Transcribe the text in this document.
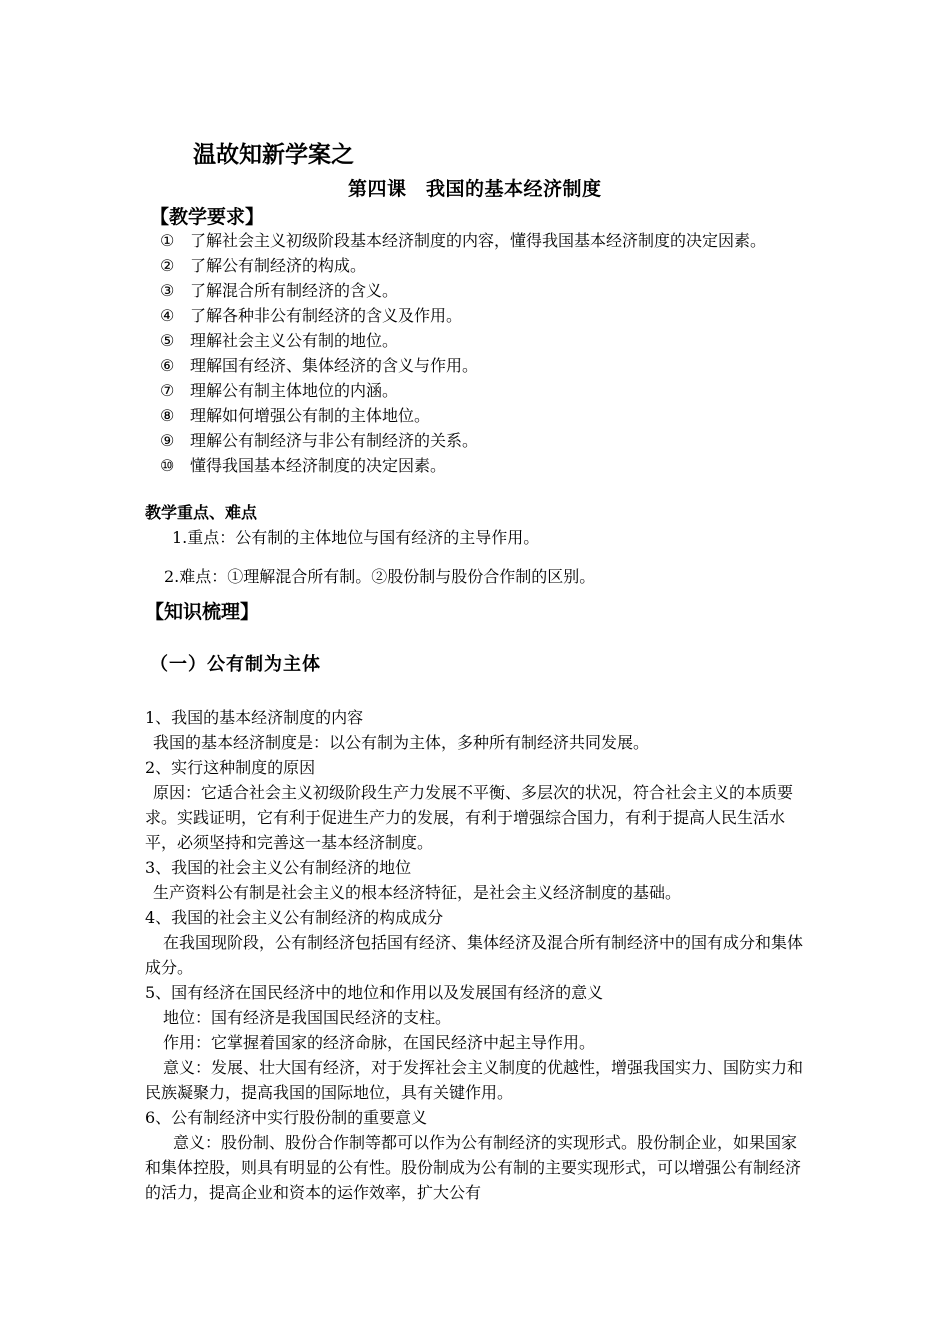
温故知新学案之
第四课　我国的基本经济制度
【教学要求】
① 了解社会主义初级阶段基本经济制度的内容，懂得我国基本经济制度的决定因素。
② 了解公有制经济的构成。
③ 了解混合所有制经济的含义。
④ 了解各种非公有制经济的含义及作用。
⑤ 理解社会主义公有制的地位。
⑥ 理解国有经济、集体经济的含义与作用。
⑦ 理解公有制主体地位的内涵。
⑧ 理解如何增强公有制的主体地位。
⑨ 理解公有制经济与非公有制经济的关系。
⑩ 懂得我国基本经济制度的决定因素。
教学重点、难点
1.重点：公有制的主体地位与国有经济的主导作用。
2.难点：①理解混合所有制。②股份制与股份合作制的区别。
【知识梳理】
（一）公有制为主体

1、我国的基本经济制度的内容

我国的基本经济制度是：以公有制为主体，多种所有制经济共同发展。

2、实行这种制度的原因

原因：它适合社会主义初级阶段生产力发展不平衡、多层次的状况，符合社会主义的本质要求。实践证明，它有利于促进生产力的发展，有利于增强综合国力，有利于提高人民生活水平，必须坚持和完善这一基本经济制度。

3、我国的社会主义公有制经济的地位

生产资料公有制是社会主义的根本经济特征，是社会主义经济制度的基础。

4、我国的社会主义公有制经济的构成成分

在我国现阶段，公有制经济包括国有经济、集体经济及混合所有制经济中的国有成分和集体成分。

5、国有经济在国民经济中的地位和作用以及发展国有经济的意义

地位：国有经济是我国国民经济的支柱。

作用：它掌握着国家的经济命脉，在国民经济中起主导作用。

意义：发展、壮大国有经济，对于发挥社会主义制度的优越性，增强我国实力、国防实力和民族凝聚力，提高我国的国际地位，具有关键作用。

6、公有制经济中实行股份制的重要意义

意义：股份制、股份合作制等都可以作为公有制经济的实现形式。股份制企业，如果国家和集体控股，则具有明显的公有性。股份制成为公有制的主要实现形式，可以增强公有制经济的活力，提高企业和资本的运作效率，扩大公有
